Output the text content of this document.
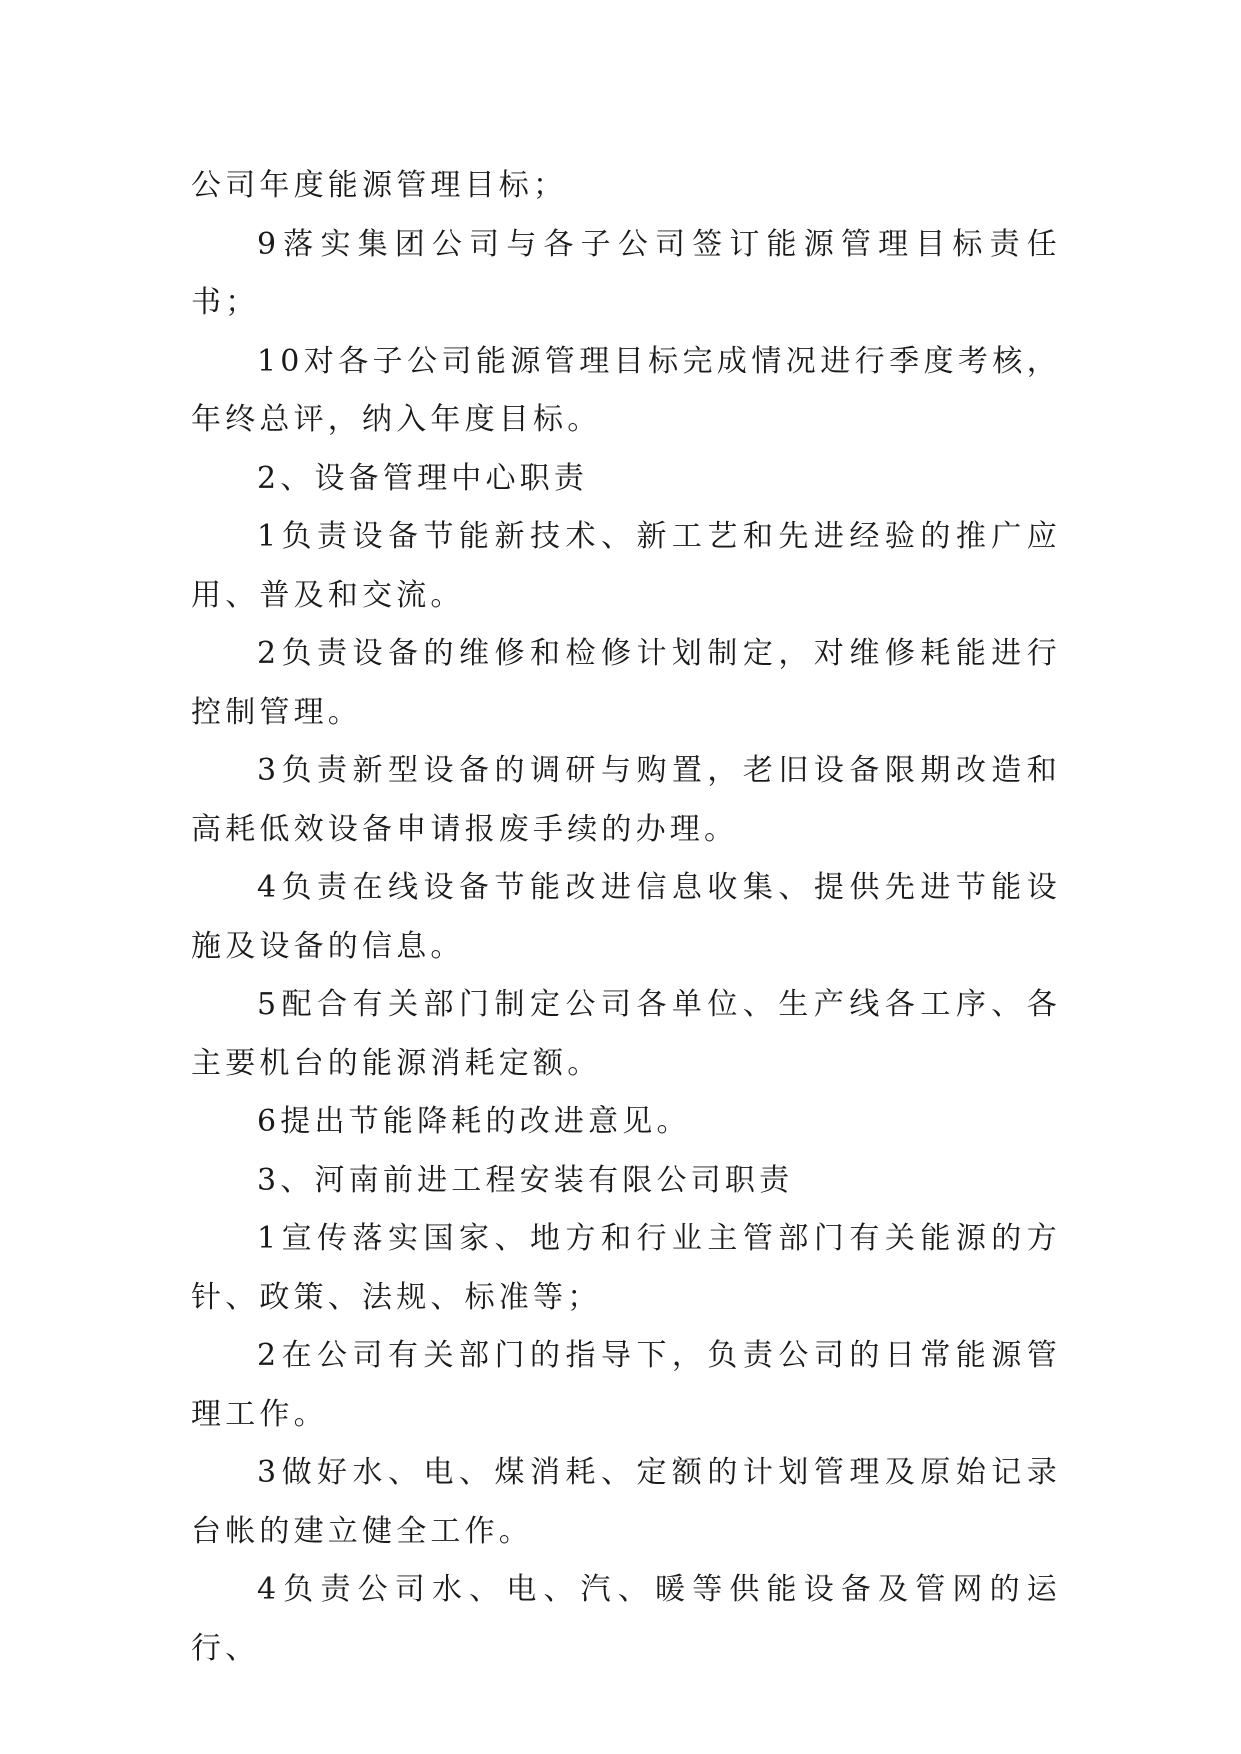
公司年度能源管理目标；

9落实集团公司与各子公司签订能源管理目标责任书；

10对各子公司能源管理目标完成情况进行季度考核，年终总评，纳入年度目标。

2、设备管理中心职责

1负责设备节能新技术、新工艺和先进经验的推广应用、普及和交流。

2负责设备的维修和检修计划制定，对维修耗能进行控制管理。

3负责新型设备的调研与购置，老旧设备限期改造和高耗低效设备申请报废手续的办理。

4负责在线设备节能改进信息收集、提供先进节能设施及设备的信息。

5配合有关部门制定公司各单位、生产线各工序、各主要机台的能源消耗定额。

6提出节能降耗的改进意见。

3、河南前进工程安装有限公司职责

1宣传落实国家、地方和行业主管部门有关能源的方针、政策、法规、标准等；

2在公司有关部门的指导下，负责公司的日常能源管理工作。

3做好水、电、煤消耗、定额的计划管理及原始记录台帐的建立健全工作。

4负责公司水、电、汽、暖等供能设备及管网的运行、
